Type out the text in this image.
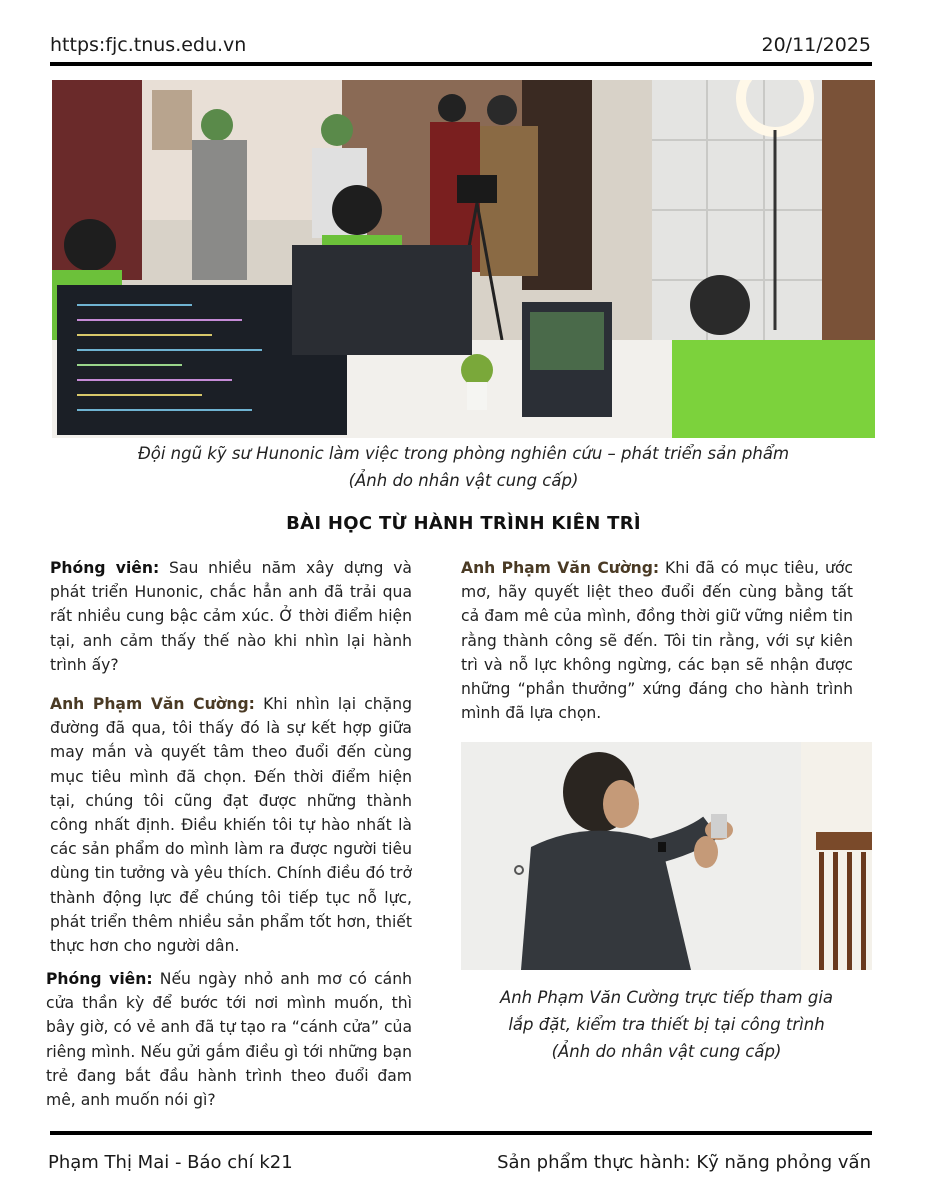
https:fjc.tnus.edu.vn	20/11/2025
Đội ngũ kỹ sư Hunonic làm việc trong phòng nghiên cứu – phát triển sản phẩm
(Ảnh do nhân vật cung cấp)
BÀI HỌC TỪ HÀNH TRÌNH KIÊN TRÌ
Phóng viên: Sau nhiều năm xây dựng và phát triển Hunonic, chắc hẳn anh đã trải qua rất nhiều cung bậc cảm xúc. Ở thời điểm hiện tại, anh cảm thấy thế nào khi nhìn lại hành trình ấy?
Anh Phạm Văn Cường: Khi nhìn lại chặng đường đã qua, tôi thấy đó là sự kết hợp giữa may mắn và quyết tâm theo đuổi đến cùng mục tiêu mình đã chọn. Đến thời điểm hiện tại, chúng tôi cũng đạt được những thành công nhất định. Điều khiến tôi tự hào nhất là các sản phẩm do mình làm ra được người tiêu dùng tin tưởng và yêu thích. Chính điều đó trở thành động lực để chúng tôi tiếp tục nỗ lực, phát triển thêm nhiều sản phẩm tốt hơn, thiết thực hơn cho người dân.
Phóng viên: Nếu ngày nhỏ anh mơ có cánh cửa thần kỳ để bước tới nơi mình muốn, thì bây giờ, có vẻ anh đã tự tạo ra “cánh cửa” của riêng mình. Nếu gửi gắm điều gì tới những bạn trẻ đang bắt đầu hành trình theo đuổi đam mê, anh muốn nói gì?
Anh Phạm Văn Cường: Khi đã có mục tiêu, ước mơ, hãy quyết liệt theo đuổi đến cùng bằng tất cả đam mê của mình, đồng thời giữ vững niềm tin rằng thành công sẽ đến. Tôi tin rằng, với sự kiên trì và nỗ lực không ngừng, các bạn sẽ nhận được những “phần thưởng” xứng đáng cho hành trình mình đã lựa chọn.
Anh Phạm Văn Cường trực tiếp tham gia
lắp đặt, kiểm tra thiết bị tại công trình
(Ảnh do nhân vật cung cấp)
Phạm Thị Mai - Báo chí k21	Sản phẩm thực hành: Kỹ năng phỏng vấn
